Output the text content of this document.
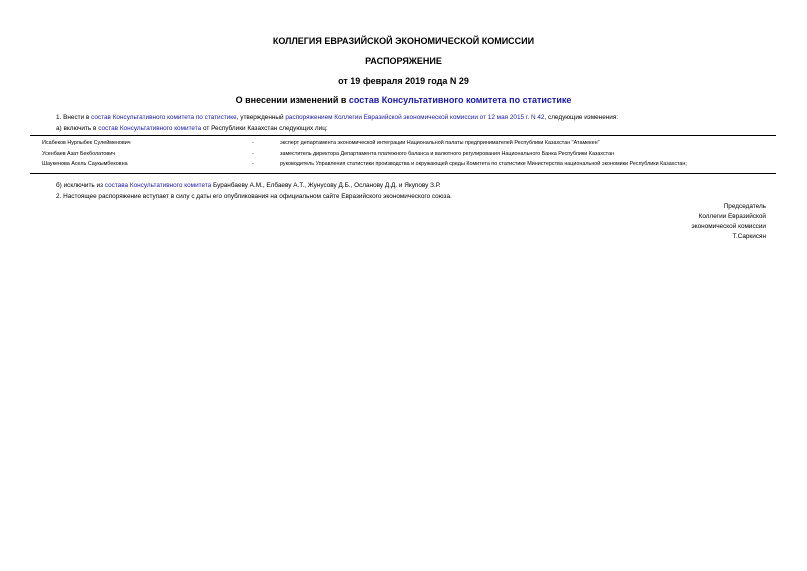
КОЛЛЕГИЯ ЕВРАЗИЙСКОЙ ЭКОНОМИЧЕСКОЙ КОМИССИИ
РАСПОРЯЖЕНИЕ
от 19 февраля 2019 года N 29
О внесении изменений в состав Консультативного комитета по статистике
1. Внести в состав Консультативного комитета по статистике, утвержденный распоряжением Коллегии Евразийской экономической комиссии от 12 мая 2015 г. N 42, следующие изменения:
а) включить в состав Консультативного комитета от Республики Казахстан следующих лиц:
Исабеков Нурлыбек Сулейменович	-	эксперт департамента экономической интеграции Национальной палаты предпринимателей Республики Казахстан "Атамекен"
Усенбаев Азат Бекболатович	-	заместитель директора Департамента платежного баланса и валютного регулирования Национального Банка Республики Казахстан
Шаукенова Асель Саукымбековна	-	руководитель Управления статистики производства и окружающей среды Комитета по статистике Министерства национальной экономики Республики Казахстан;
б) исключить из состава Консультативного комитета Буранбаеву А.М., Елбаеву А.Т., Жунусову Д.Б., Осланову Д.Д. и Якупову З.Р.
2. Настоящее распоряжение вступает в силу с даты его опубликования на официальном сайте Евразийского экономического союза.
Председатель
Коллегии Евразийской
экономической комиссии
Т.Саркисян
